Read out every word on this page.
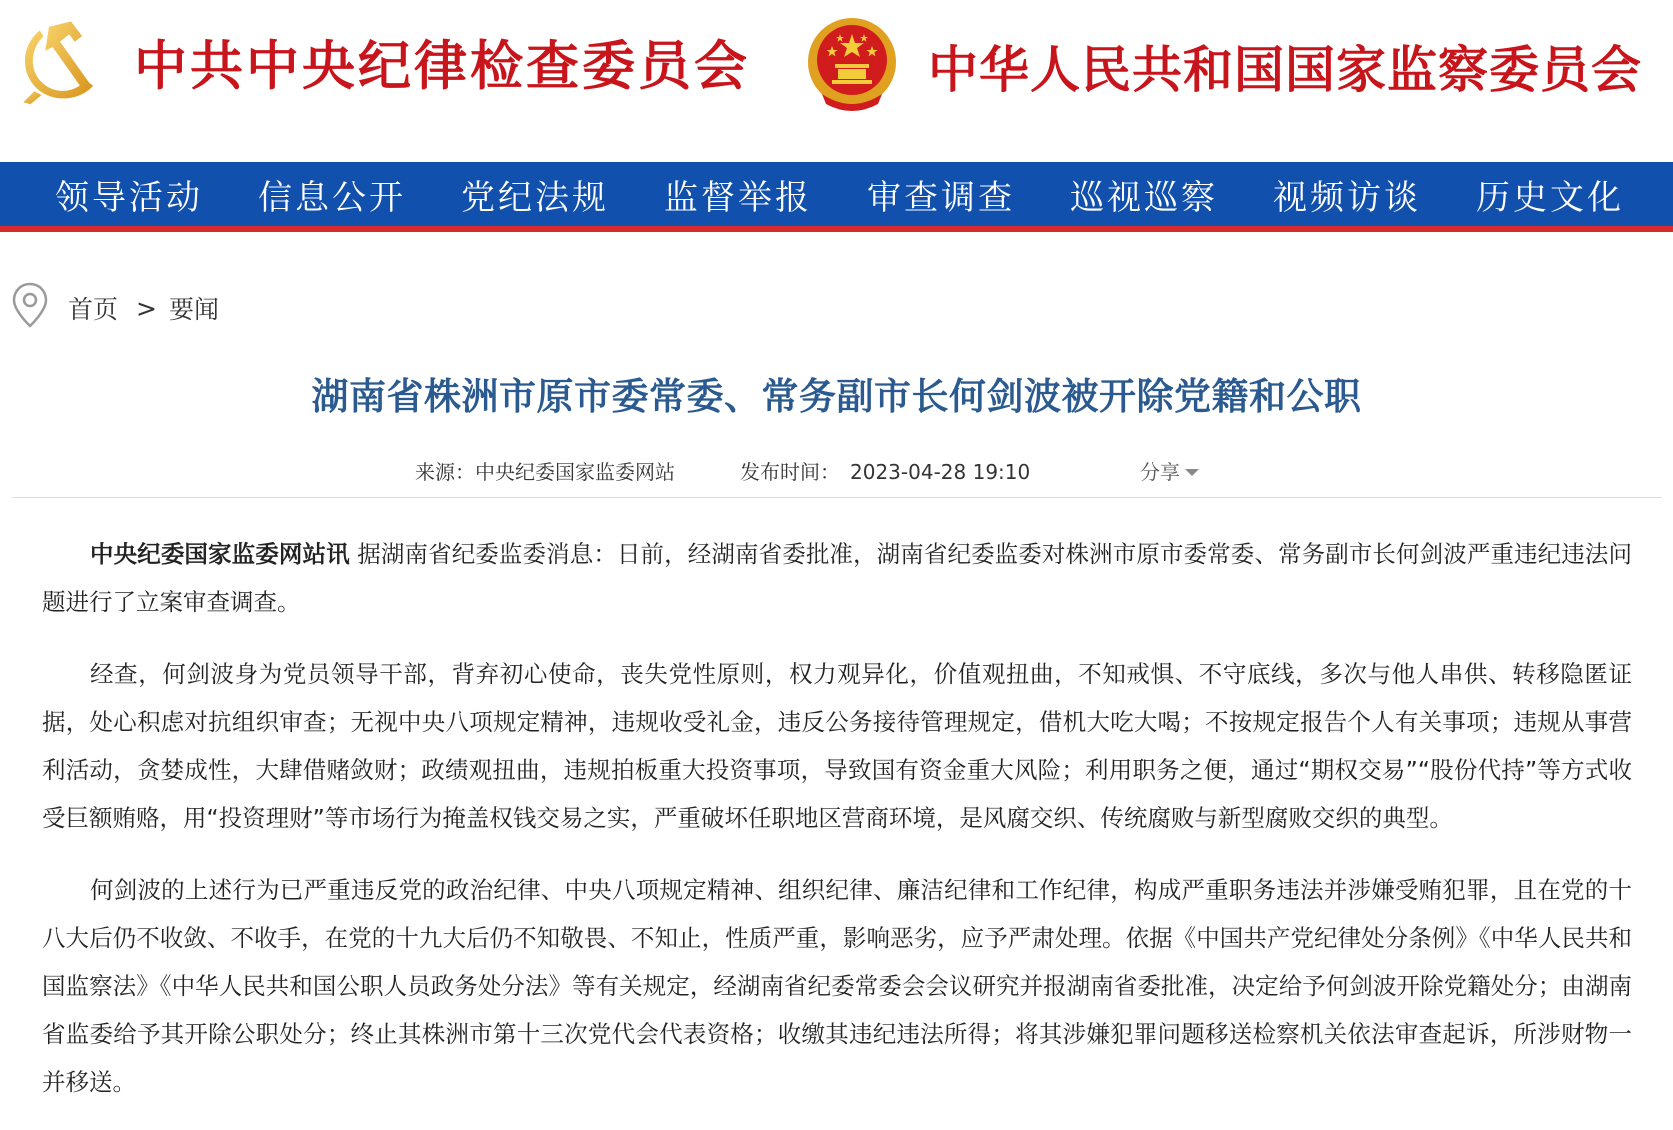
中共中央纪律检查委员会	中华人民共和国国家监察委员会
领导活动 信息公开 党纪法规 监督举报 审查调查 巡视巡察 视频访谈 历史文化
首页 > 要闻
湖南省株洲市原市委常委、常务副市长何剑波被开除党籍和公职
来源：中央纪委国家监委网站	发布时间： 2023-04-28 19:10	分享

中央纪委国家监委网站讯 据湖南省纪委监委消息：日前，经湖南省委批准，湖南省纪委监委对株洲市原市委常委、常务副市长何剑波严重违纪违法问题进行了立案审查调查。

经查，何剑波身为党员领导干部，背弃初心使命，丧失党性原则，权力观异化，价值观扭曲，不知戒惧、不守底线，多次与他人串供、转移隐匿证据，处心积虑对抗组织审查；无视中央八项规定精神，违规收受礼金，违反公务接待管理规定，借机大吃大喝；不按规定报告个人有关事项；违规从事营利活动，贪婪成性，大肆借赌敛财；政绩观扭曲，违规拍板重大投资事项，导致国有资金重大风险；利用职务之便，通过“期权交易”“股份代持”等方式收受巨额贿赂，用“投资理财”等市场行为掩盖权钱交易之实，严重破坏任职地区营商环境，是风腐交织、传统腐败与新型腐败交织的典型。

何剑波的上述行为已严重违反党的政治纪律、中央八项规定精神、组织纪律、廉洁纪律和工作纪律，构成严重职务违法并涉嫌受贿犯罪，且在党的十八大后仍不收敛、不收手，在党的十九大后仍不知敬畏、不知止，性质严重，影响恶劣，应予严肃处理。依据《中国共产党纪律处分条例》《中华人民共和国监察法》《中华人民共和国公职人员政务处分法》等有关规定，经湖南省纪委常委会会议研究并报湖南省委批准，决定给予何剑波开除党籍处分；由湖南省监委给予其开除公职处分；终止其株洲市第十三次党代会代表资格；收缴其违纪违法所得；将其涉嫌犯罪问题移送检察机关依法审查起诉，所涉财物一并移送。
